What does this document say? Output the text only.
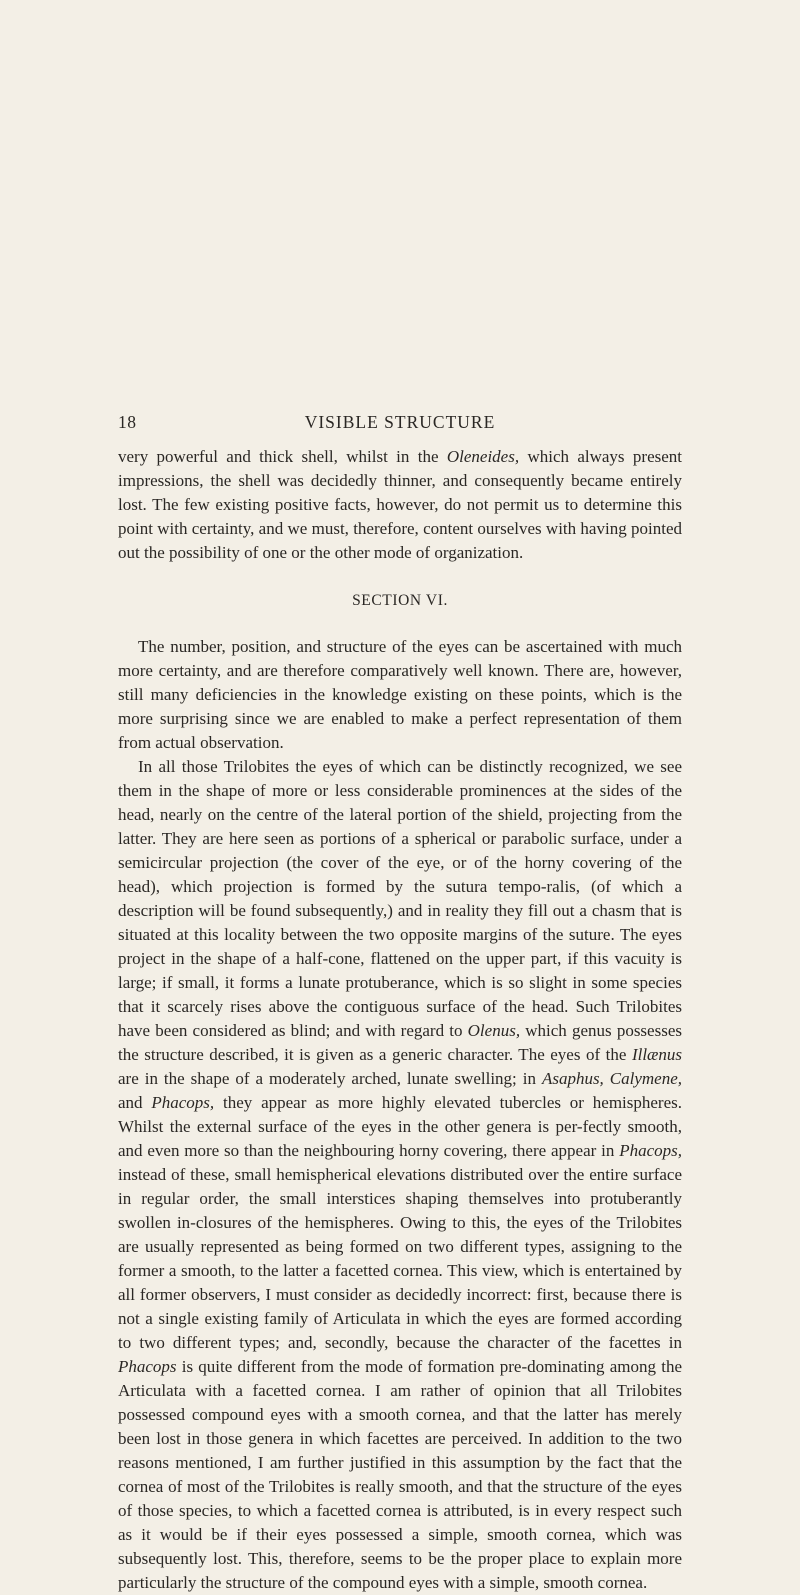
18	VISIBLE STRUCTURE

very powerful and thick shell, whilst in the Oleneides, which always present impressions, the shell was decidedly thinner, and consequently became entirely lost. The few existing positive facts, however, do not permit us to determine this point with certainty, and we must, therefore, content ourselves with having pointed out the possibility of one or the other mode of organization.

SECTION VI.

The number, position, and structure of the eyes can be ascertained with much more certainty, and are therefore comparatively well known. There are, however, still many deficiencies in the knowledge existing on these points, which is the more surprising since we are enabled to make a perfect representation of them from actual observation.

In all those Trilobites the eyes of which can be distinctly recognized, we see them in the shape of more or less considerable prominences at the sides of the head, nearly on the centre of the lateral portion of the shield, projecting from the latter. They are here seen as portions of a spherical or parabolic surface, under a semicircular projection (the cover of the eye, or of the horny covering of the head), which projection is formed by the sutura tempo-ralis, (of which a description will be found subsequently,) and in reality they fill out a chasm that is situated at this locality between the two opposite margins of the suture. The eyes project in the shape of a half-cone, flattened on the upper part, if this vacuity is large; if small, it forms a lunate protuberance, which is so slight in some species that it scarcely rises above the contiguous surface of the head. Such Trilobites have been considered as blind; and with regard to Olenus, which genus possesses the structure described, it is given as a generic character. The eyes of the Illænus are in the shape of a moderately arched, lunate swelling; in Asaphus, Calymene, and Phacops, they appear as more highly elevated tubercles or hemispheres. Whilst the external surface of the eyes in the other genera is per-fectly smooth, and even more so than the neighbouring horny covering, there appear in Phacops, instead of these, small hemispherical elevations distributed over the entire surface in regular order, the small interstices shaping themselves into protuberantly swollen in-closures of the hemispheres. Owing to this, the eyes of the Trilobites are usually represented as being formed on two different types, assigning to the former a smooth, to the latter a facetted cornea. This view, which is entertained by all former observers, I must consider as decidedly incorrect: first, because there is not a single existing family of Articulata in which the eyes are formed according to two different types; and, secondly, because the character of the facettes in Phacops is quite different from the mode of formation pre-dominating among the Articulata with a facetted cornea. I am rather of opinion that all Trilobites possessed compound eyes with a smooth cornea, and that the latter has merely been lost in those genera in which facettes are perceived. In addition to the two reasons mentioned, I am further justified in this assumption by the fact that the cornea of most of the Trilobites is really smooth, and that the structure of the eyes of those species, to which a facetted cornea is attributed, is in every respect such as it would be if their eyes possessed a simple, smooth cornea, which was subsequently lost. This, therefore, seems to be the proper place to explain more particularly the structure of the compound eyes with a simple, smooth cornea.
